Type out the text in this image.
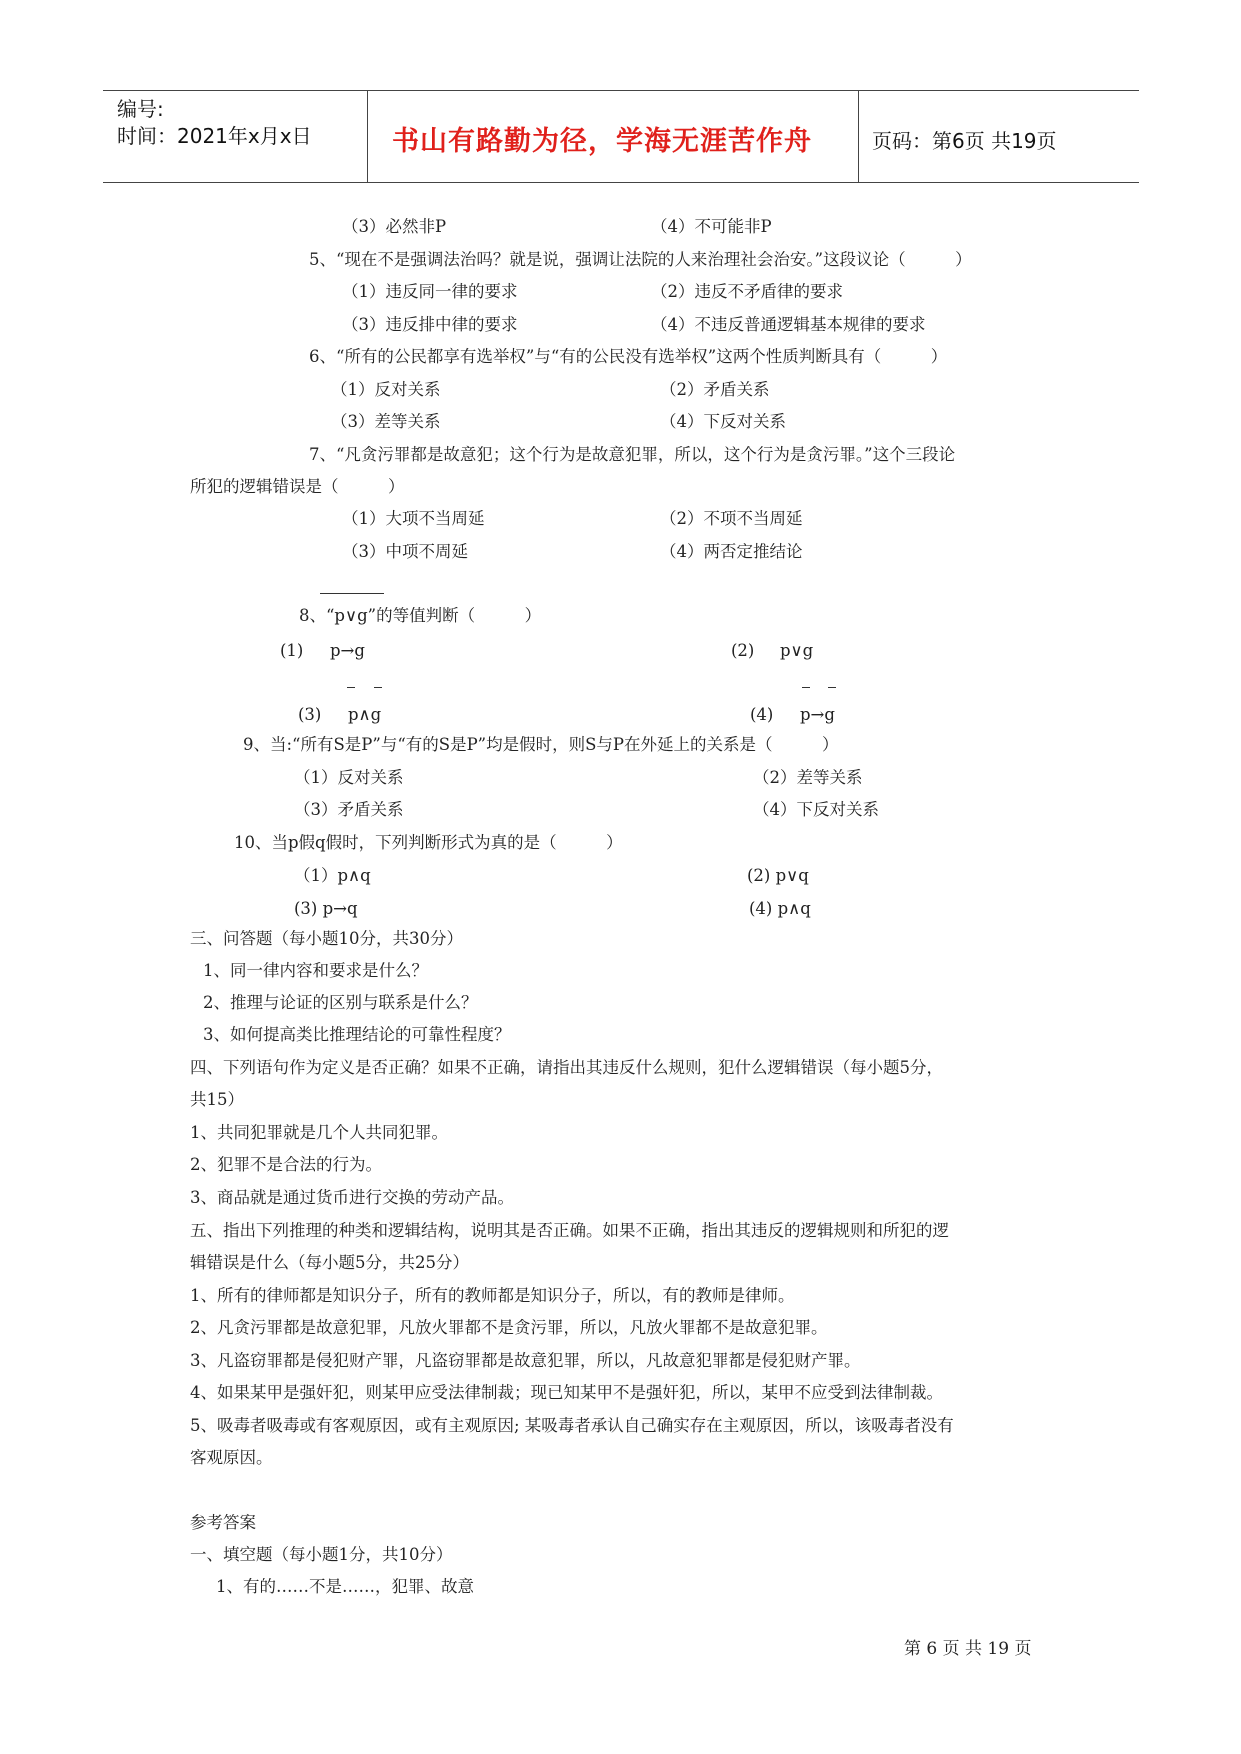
编号:
时间：2021年x月x日	书山有路勤为径，学海无涯苦作舟	页码：第6页 共19页
（3）必然非P	（4）不可能非P
5、“现在不是强调法治吗？就是说，强调让法院的人来治理社会治安。”这段议论（　　　）
（1）违反同一律的要求	（2）违反不矛盾律的要求
（3）违反排中律的要求	（4）不违反普通逻辑基本规律的要求
6、“所有的公民都享有选举权”与“有的公民没有选举权”这两个性质判断具有（　　　）
（1）反对关系	（2）矛盾关系
（3）差等关系	（4）下反对关系
7、“凡贪污罪都是故意犯；这个行为是故意犯罪，所以，这个行为是贪污罪。”这个三段论
所犯的逻辑错误是（　　　）
（1）大项不当周延	（2）不项不当周延
（3）中项不周延	（4）两否定推结论
8、“p∨g”的等值判断（　　　）
(1) p→g	(2) p∨g
(3) p∧g	(4) p→g
9、当:“所有S是P”与“有的S是P”均是假时，则S与P在外延上的关系是（　　　）
（1）反对关系	（2）差等关系
（3）矛盾关系	（4）下反对关系
10、当p假q假时，下列判断形式为真的是（　　　）
（1）p∧q	(2) p∨q
(3) p→q	(4) p∧q
三、问答题（每小题10分，共30分）
1、同一律内容和要求是什么？
2、推理与论证的区别与联系是什么？
3、如何提高类比推理结论的可靠性程度？
四、下列语句作为定义是否正确？如果不正确，请指出其违反什么规则，犯什么逻辑错误（每小题5分，
共15）
1、共同犯罪就是几个人共同犯罪。
2、犯罪不是合法的行为。
3、商品就是通过货币进行交换的劳动产品。
五、指出下列推理的种类和逻辑结构，说明其是否正确。如果不正确，指出其违反的逻辑规则和所犯的逻
辑错误是什么（每小题5分，共25分）
1、所有的律师都是知识分子，所有的教师都是知识分子，所以，有的教师是律师。
2、凡贪污罪都是故意犯罪，凡放火罪都不是贪污罪，所以，凡放火罪都不是故意犯罪。
3、凡盗窃罪都是侵犯财产罪，凡盗窃罪都是故意犯罪，所以，凡故意犯罪都是侵犯财产罪。
4、如果某甲是强奸犯，则某甲应受法律制裁；现已知某甲不是强奸犯，所以，某甲不应受到法律制裁。
5、吸毒者吸毒或有客观原因，或有主观原因; 某吸毒者承认自己确实存在主观原因，所以，该吸毒者没有
客观原因。
参考答案
一、填空题（每小题1分，共10分）
1、有的……不是……，犯罪、故意
第 6 页 共 19 页
